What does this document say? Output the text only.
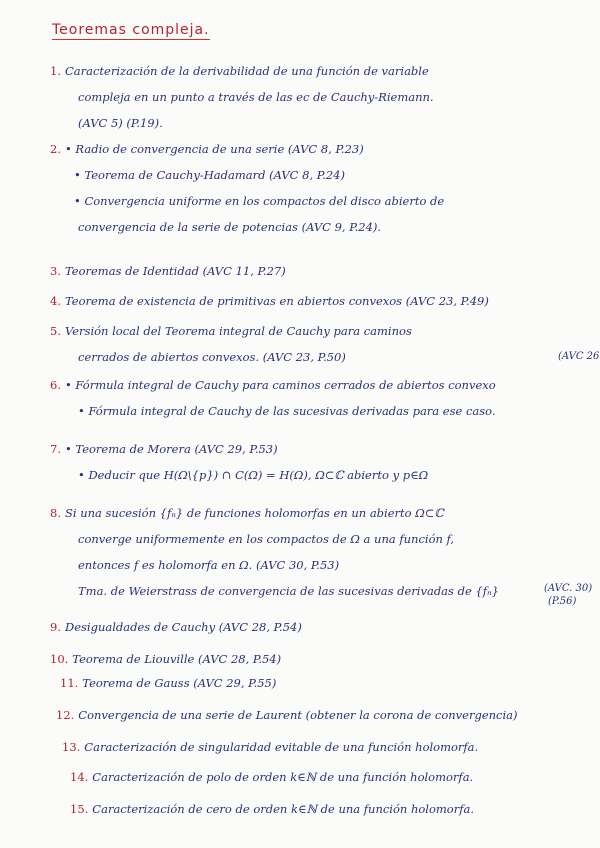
Teoremas compleja.
1. Caracterización de la derivabilidad de una función de variable
compleja en un punto a través de las ec de Cauchy-Riemann.
(AVC 5) (P.19).
2. • Radio de convergencia de una serie (AVC 8, P.23)
• Teorema de Cauchy-Hadamard (AVC 8, P.24)
• Convergencia uniforme en los compactos del disco abierto de
convergencia de la serie de potencias (AVC 9, P.24).
3. Teoremas de Identidad (AVC 11, P.27)
4. Teorema de existencia de primitivas en abiertos convexos (AVC 23, P.49)
5. Versión local del Teorema integral de Cauchy para caminos
cerrados de abiertos convexos. (AVC 23, P.50)
6. • Fórmula integral de Cauchy para caminos cerrados de abiertos convexo
• Fórmula integral de Cauchy de las sucesivas derivadas para ese caso.
(AVC 26
7. • Teorema de Morera (AVC 29, P.53)
• Deducir que H(Ω\{p}) ∩ C(Ω) = H(Ω), Ω⊂ℂ abierto y p∈Ω
8. Si una sucesión {fₙ} de funciones holomorfas en un abierto Ω⊂ℂ
converge uniformemente en los compactos de Ω a una función f,
entonces f es holomorfa en Ω. (AVC 30, P.53)
Tma. de Weierstrass de convergencia de las sucesivas derivadas de {fₙ}	(AVC. 30)
(P.56)
9. Desigualdades de Cauchy (AVC 28, P.54)
10. Teorema de Liouville (AVC 28, P.54)
11. Teorema de Gauss (AVC 29, P.55)
12. Convergencia de una serie de Laurent (obtener la corona de convergencia)
13. Caracterización de singularidad evitable de una función holomorfa.
14. Caracterización de polo de orden k∈ℕ de una función holomorfa.
15. Caracterización de cero de orden k∈ℕ de una función holomorfa.
